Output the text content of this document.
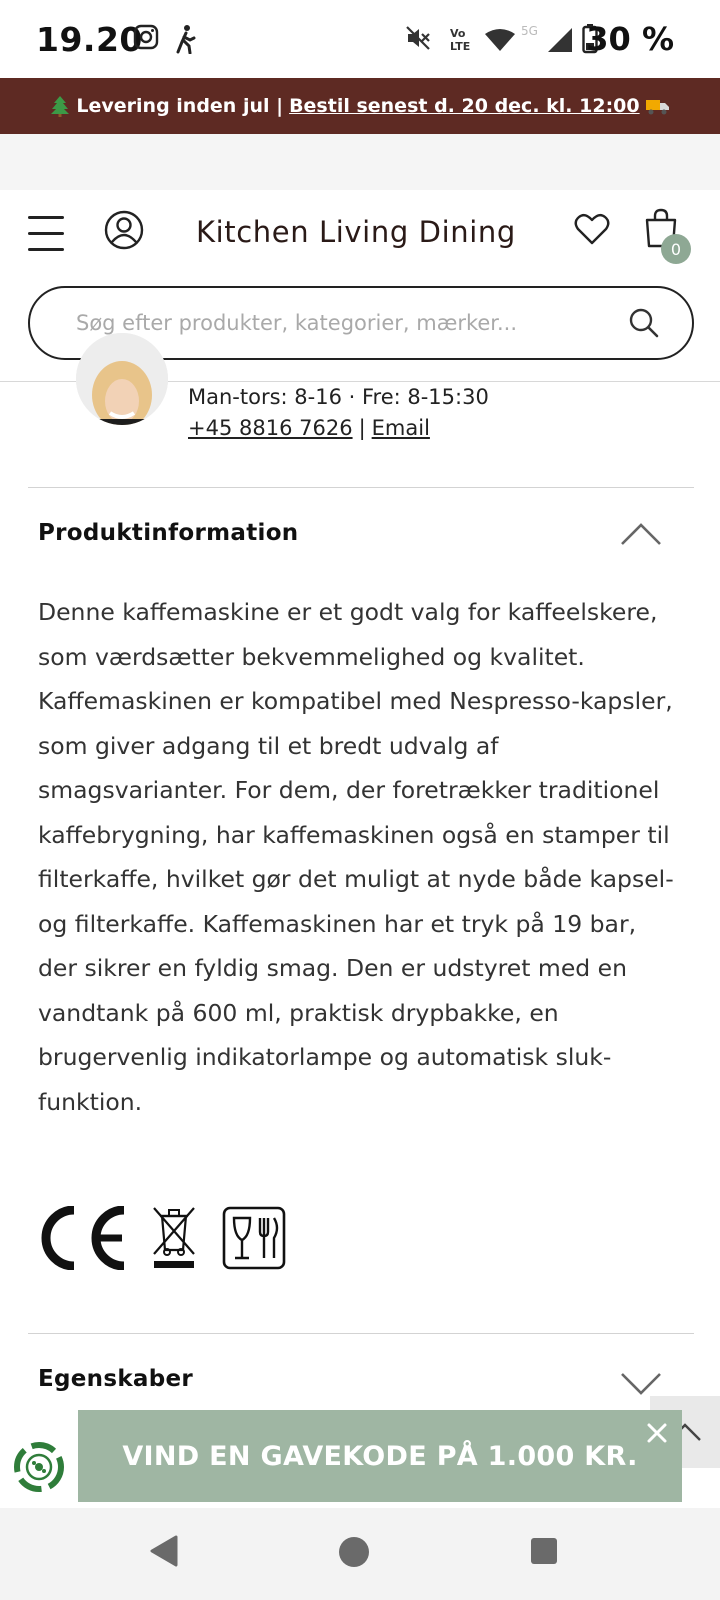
19.20	Vo
LTE
5G 30 %
Levering inden jul | Bestil senest d. 20 dec. kl. 12:00
Kitchen Living Dining	0
Søg efter produkter, kategorier, mærker...
Man-tors: 8-16 · Fre: 8-15:30
+45 8816 7626 | Email
Produktinformation
Denne kaffemaskine er et godt valg for kaffeelskere, som værdsætter bekvemmelighed og kvalitet. Kaffemaskinen er kompatibel med Nespresso-kapsler, som giver adgang til et bredt udvalg af smagsvarianter. For dem, der foretrækker traditionel kaffebrygning, har kaffemaskinen også en stamper til filterkaffe, hvilket gør det muligt at nyde både kapsel- og filterkaffe. Kaffemaskinen har et tryk på 19 bar, der sikrer en fyldig smag. Den er udstyret med en vandtank på 600 ml, praktisk drypbakke, en brugervenlig indikatorlampe og automatisk sluk-funktion.
Egenskaber
VIND EN GAVEKODE PÅ 1.000 KR.
